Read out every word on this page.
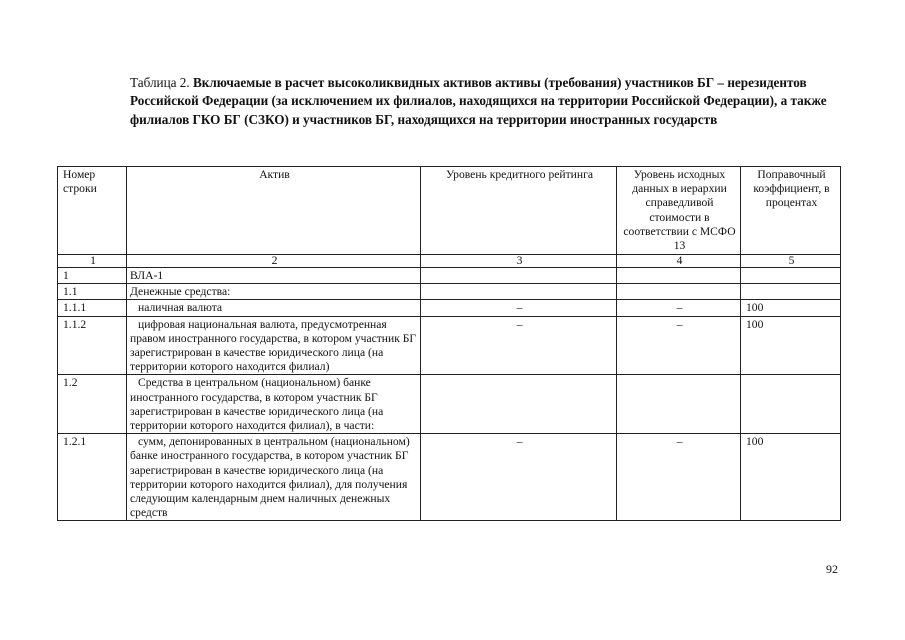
Таблица 2. Включаемые в расчет высоколиквидных активов активы (требования) участников БГ – нерезидентов Российской Федерации (за исключением их филиалов, находящихся на территории Российской Федерации), а также филиалов ГКО БГ (СЗКО) и участников БГ, находящихся на территории иностранных государств
Номер строки	Актив	Уровень кредитного рейтинга	Уровень исходных данных в иерархии справедливой стоимости в соответствии с МСФО 13	Поправочный коэффициент, в процентах
1	2	3	4	5
1	ВЛА-1			
1.1	Денежные средства:			
1.1.1	наличная валюта	–	–	100
1.1.2	цифровая национальная валюта, предусмотренная правом иностранного государства, в котором участник БГ зарегистрирован в качестве юридического лица (на территории которого находится филиал)	–	–	100
1.2	Средства в центральном (национальном) банке иностранного государства, в котором участник БГ зарегистрирован в качестве юридического лица (на территории которого находится филиал), в части:			
1.2.1	сумм, депонированных в центральном (национальном) банке иностранного государства, в котором участник БГ зарегистрирован в качестве юридического лица (на территории которого находится филиал), для получения следующим календарным днем наличных денежных средств	–	–	100
92
